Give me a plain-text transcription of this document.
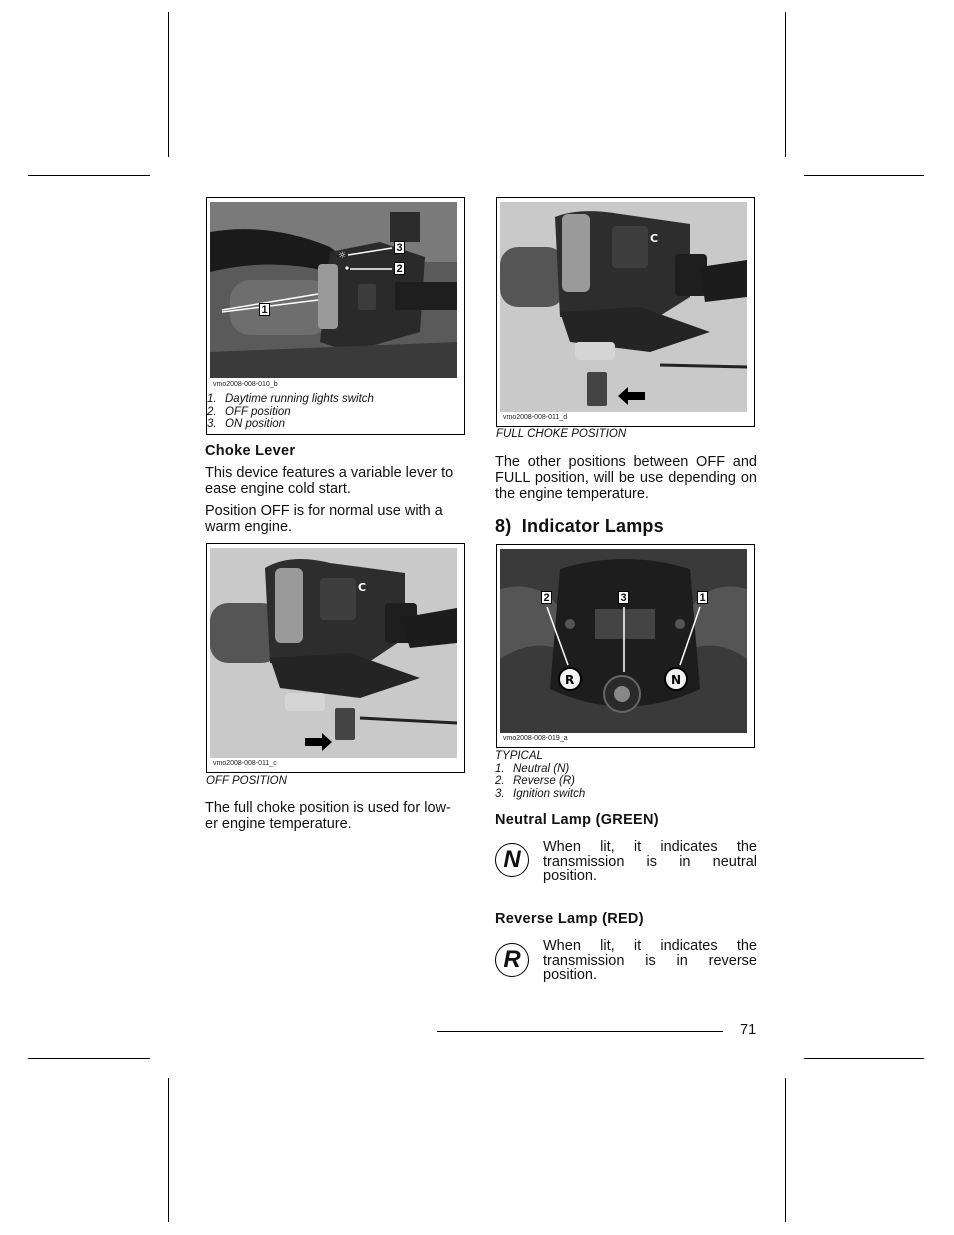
☼
1
2
3
vmo2008-008-010_b
1. Daytime running lights switch
2. OFF position
3. ON position
Choke Lever
This device features a variable lever to ease engine cold start.
Position OFF is for normal use with a warm engine.
C
vmo2008-008-011_c
OFF POSITION
The full choke position is used for low-
er engine temperature.
C
vmo2008-008-011_d
FULL CHOKE POSITION
The other positions between OFF and FULL position, will be use depending on the engine temperature.
8)  Indicator Lamps
R	N
2	3	1
vmo2008-008-019_a
TYPICAL
1. Neutral (N)
2. Reverse (R)
3. Ignition switch
Neutral Lamp (GREEN)
N	When lit, it indicates the
transmission is in neutral
position.
Reverse Lamp (RED)
R	When lit, it indicates the
transmission is in reverse
position.
71
